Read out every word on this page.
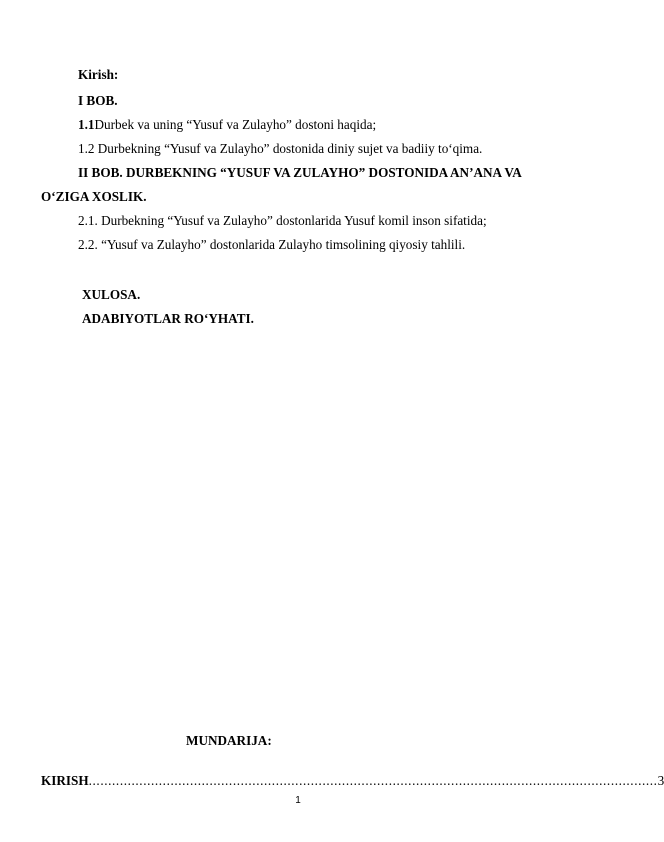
Kirish:
I BOB.
1.1Durbek va uning “Yusuf va Zulayho” dostoni haqida;
1.2 Durbekning “Yusuf va Zulayho” dostonida diniy sujet va badiiy to‘qima.
II BOB. DURBEKNING “YUSUF VA ZULAYHO” DOSTONIDA AN’ANA VA
O‘ZIGA XOSLIK.
2.1. Durbekning “Yusuf va Zulayho” dostonlarida Yusuf komil inson sifatida;
2.2. “Yusuf va Zulayho” dostonlarida Zulayho timsolining qiyosiy tahlili.
XULOSA.
ADABIYOTLAR RO‘YHATI.
MUNDARIJA:
KIRISH .................................................................................................................................................. 3
1
